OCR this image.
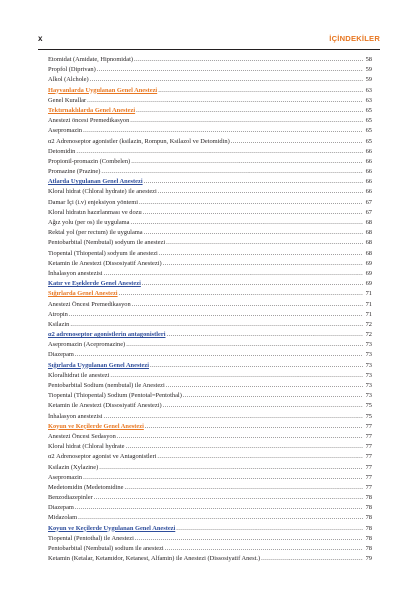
x	İÇİNDEKİLER
Etomidat (Amidate, Hipnomidat) .....	58
Propfol (Diprivan) .....	59
Alkol (Alchole) .....	59
Hayvanlarda Uygulanan Genel Anestezi .....	63
Genel Kurallar .....	63
Tektırnaklılarda Genel Anestezi .....	65
Anestezi öncesi Premedikasyon .....	65
Asepromazin .....	65
α2 Adrenoseptor agonistler (ksilazin, Rompun, Ksilazol ve Detomidin) .....	65
Detomidin .....	66
Propionil-promazin (Combelen) .....	66
Promazine (Prazine) .....	66
Atlarda Uygulanan Genel Anestezi .....	66
Kloral hidrat (Chloral hydrate) ile anestezi .....	66
Damar İçi (i.v) enjeksiyon yöntemi .....	67
Kloral hidratın hazırlanması ve dozu .....	67
Ağız yolu (per os) ile uygulama .....	68
Rektal yol (per rectum) ile uygulama .....	68
Pentobarbital (Nembutal) sodyum ile anestezi .....	68
Tiopental (Thiopental) sodyum ile anestezi .....	68
Ketamin ile Anestezi (Dissosiyatif Anestezi) .....	69
İnhalasyon anestezisi .....	69
Katır ve Eşeklerde Genel Anestezi .....	69
Sığırlarda Genel Anestezi .....	71
Anestezi Öncesi Premedikasyon .....	71
Atropin .....	71
Ksilazin .....	72
α2 adrenoseptor agonistlerin antagonistleri .....	72
Asepromazin (Acepromazine) .....	73
Diazepam .....	73
Sığırlarda Uygulanan Genel Anestezi .....	73
Kloralhidrat ile anestezi .....	73
Pentobarbital Sodium (nembutal) ile Anestezi .....	73
Tiopental (Thiopental) Sodium (Pentotal=Pentothal) .....	73
Ketamin ile Anestezi (Dissosiyatif Anestezi) .....	75
İnhalasyon anestezisi .....	75
Koyun ve Keçilerde Genel Anestezi .....	77
Anestezi Öncesi Sedasyon .....	77
Kloral hidrat (Chloral hydrate .....	77
α2 Adrenoseptor agonist ve Antagonistleri .....	77
Ksilazin (Xylazine) .....	77
Asepromazin .....	77
Medetomidin (Medetomidine .....	77
Benzodiazepinler .....	78
Diazepam .....	78
Midazolam .....	78
Koyun ve Keçilerde Uygulanan Genel Anestezi .....	78
Tiopental (Pentothal) ile Anestezi .....	78
Pentobarbital (Nembutal) sodium ile anestezi .....	78
Ketamin (Ketalar, Ketamidor, Ketanest, Alfamin) ile Anestezi (Dissosiyatif Anest.) .....	79
